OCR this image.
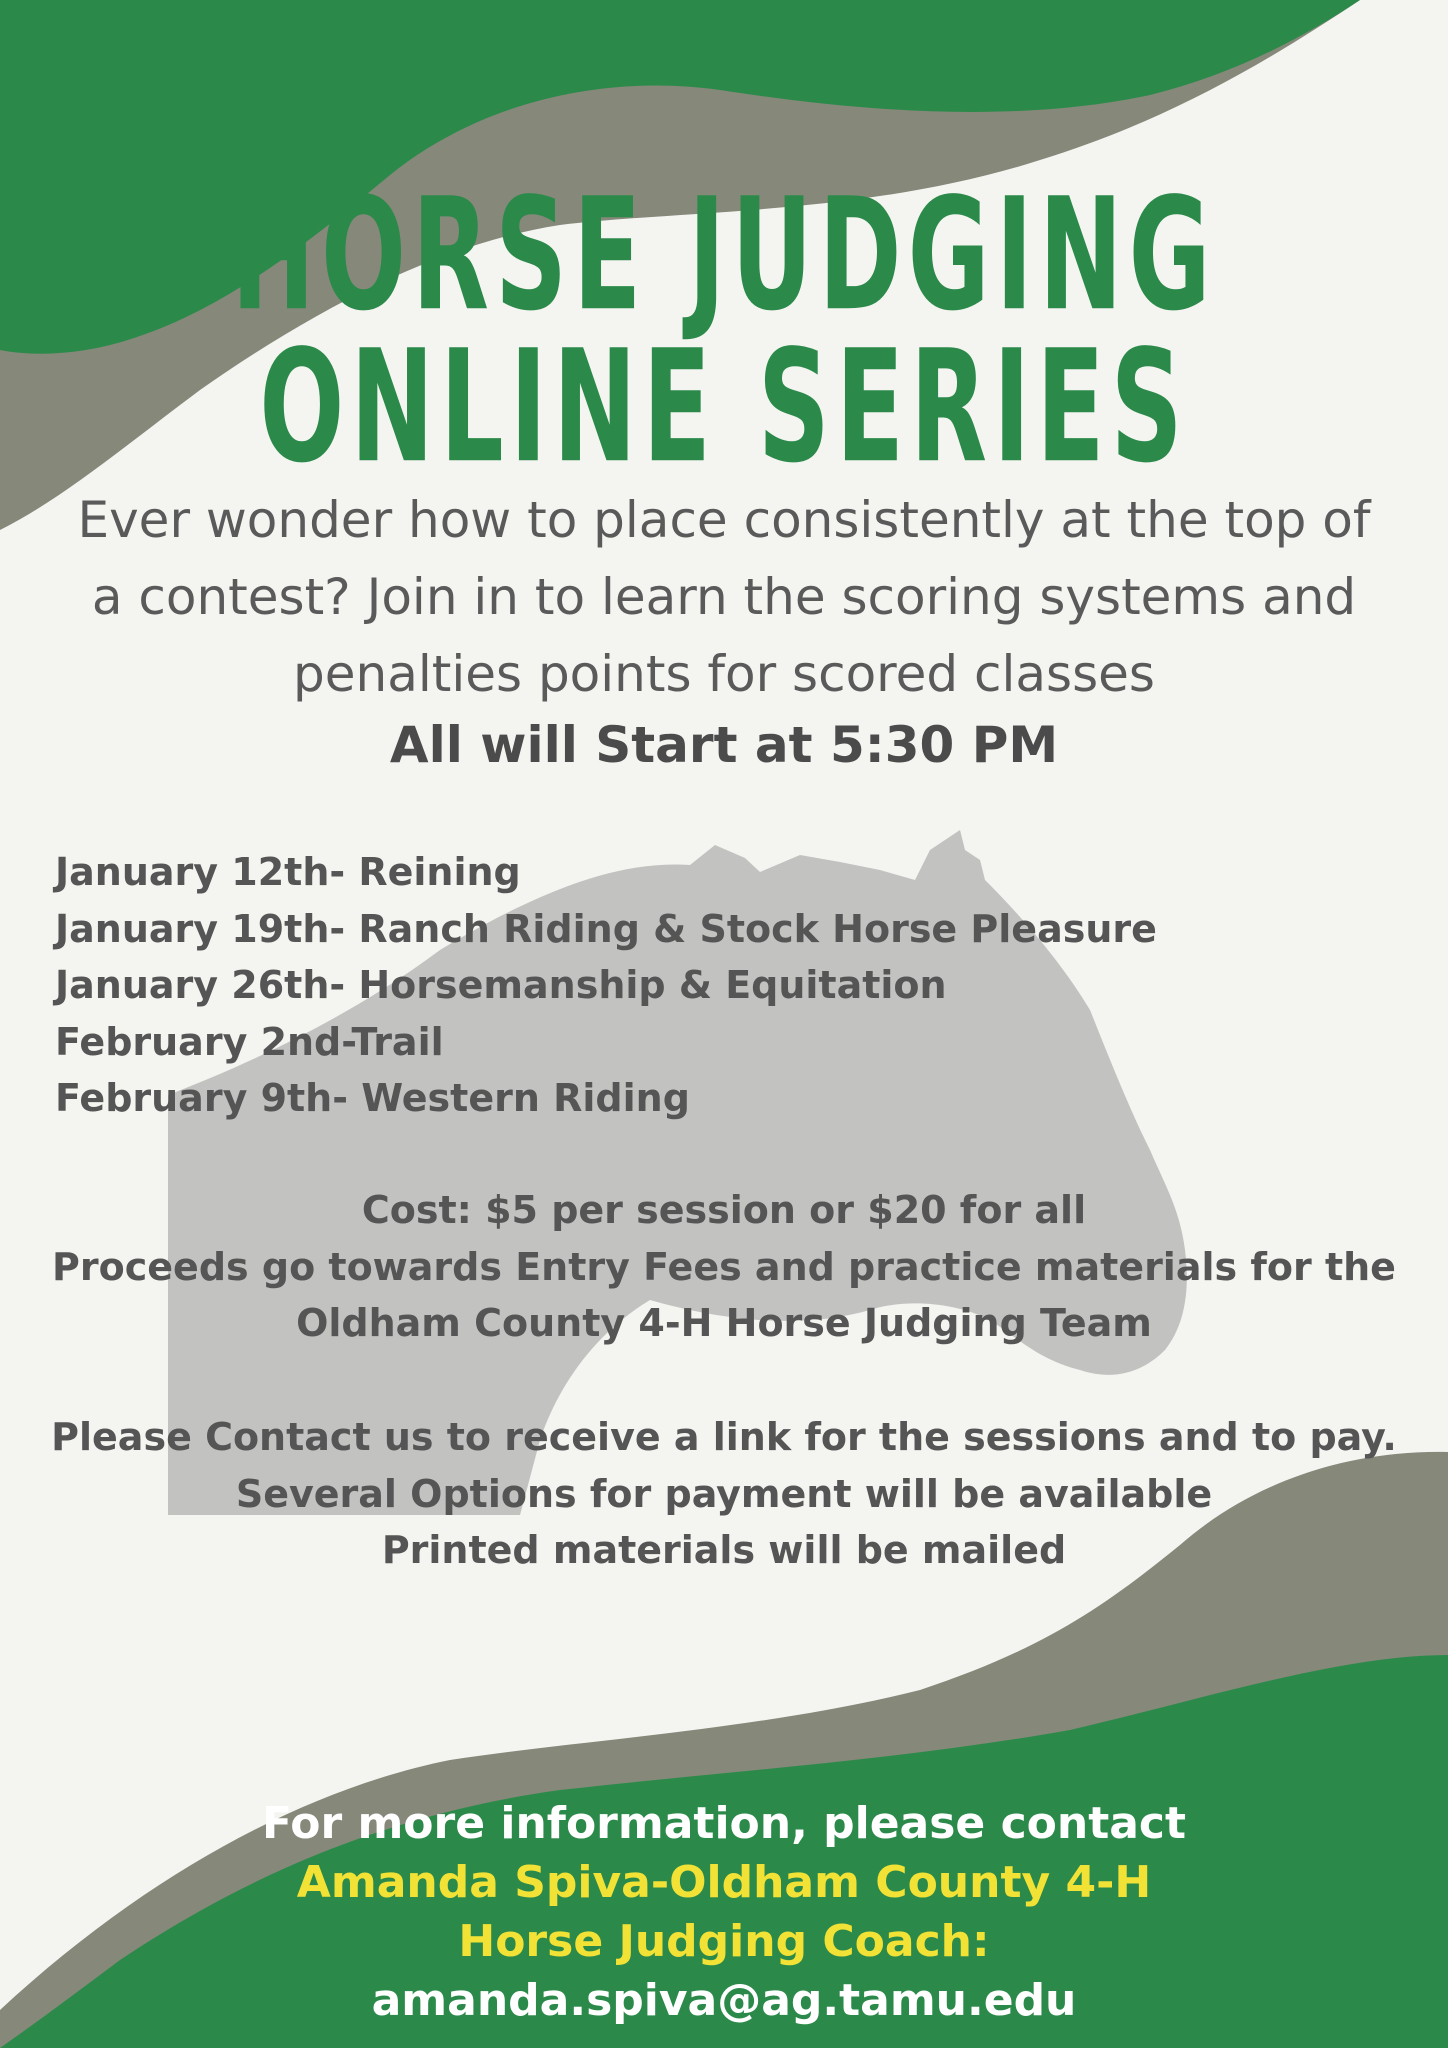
HORSE JUDGING
ONLINE SERIES
Ever wonder how to place consistently at the top of
a contest? Join in to learn the scoring systems and
penalties points for scored classes
All will Start at 5:30 PM
January 12th- Reining
January 19th- Ranch Riding & Stock Horse Pleasure
January 26th- Horsemanship & Equitation
February 2nd-Trail
February 9th- Western Riding
Cost: $5 per session or $20 for all
Proceeds go towards Entry Fees and practice materials for the
Oldham County 4-H Horse Judging Team
Please Contact us to receive a link for the sessions and to pay.
Several Options for payment will be available
Printed materials will be mailed
For more information, please contact
Amanda Spiva-Oldham County 4-H
Horse Judging Coach:
amanda.spiva@ag.tamu.edu
